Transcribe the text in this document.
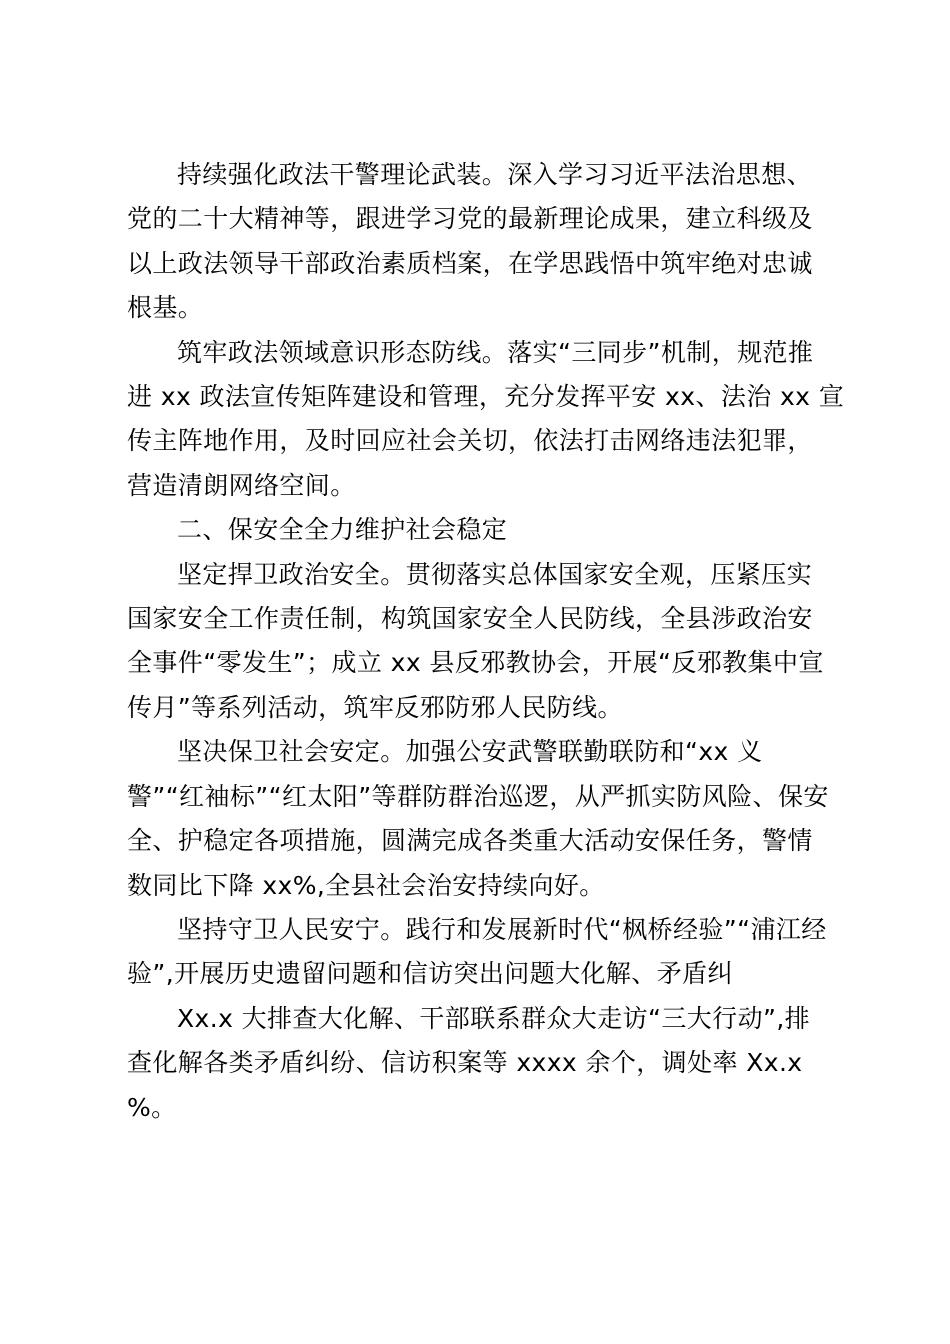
持续强化政法干警理论武装。深入学习习近平法治思想、
党的二十大精神等，跟进学习党的最新理论成果，建立科级及
以上政法领导干部政治素质档案，在学思践悟中筑牢绝对忠诚
根基。
筑牢政法领域意识形态防线。落实“三同步”机制，规范推
进 xx 政法宣传矩阵建设和管理，充分发挥平安 xx、法治 xx 宣
传主阵地作用，及时回应社会关切，依法打击网络违法犯罪，
营造清朗网络空间。
二、保安全全力维护社会稳定
坚定捍卫政治安全。贯彻落实总体国家安全观，压紧压实
国家安全工作责任制，构筑国家安全人民防线，全县涉政治安
全事件“零发生”；成立 xx 县反邪教协会，开展“反邪教集中宣
传月”等系列活动，筑牢反邪防邪人民防线。
坚决保卫社会安定。加强公安武警联勤联防和“xx 义
警”“红袖标”“红太阳”等群防群治巡逻，从严抓实防风险、保安
全、护稳定各项措施，圆满完成各类重大活动安保任务，警情
数同比下降 xx%,全县社会治安持续向好。
坚持守卫人民安宁。践行和发展新时代“枫桥经验”“浦江经
验”,开展历史遗留问题和信访突出问题大化解、矛盾纠
Xx.x 大排查大化解、干部联系群众大走访“三大行动”,排
查化解各类矛盾纠纷、信访积案等 xxxx 余个，调处率 Xx.x
%。
